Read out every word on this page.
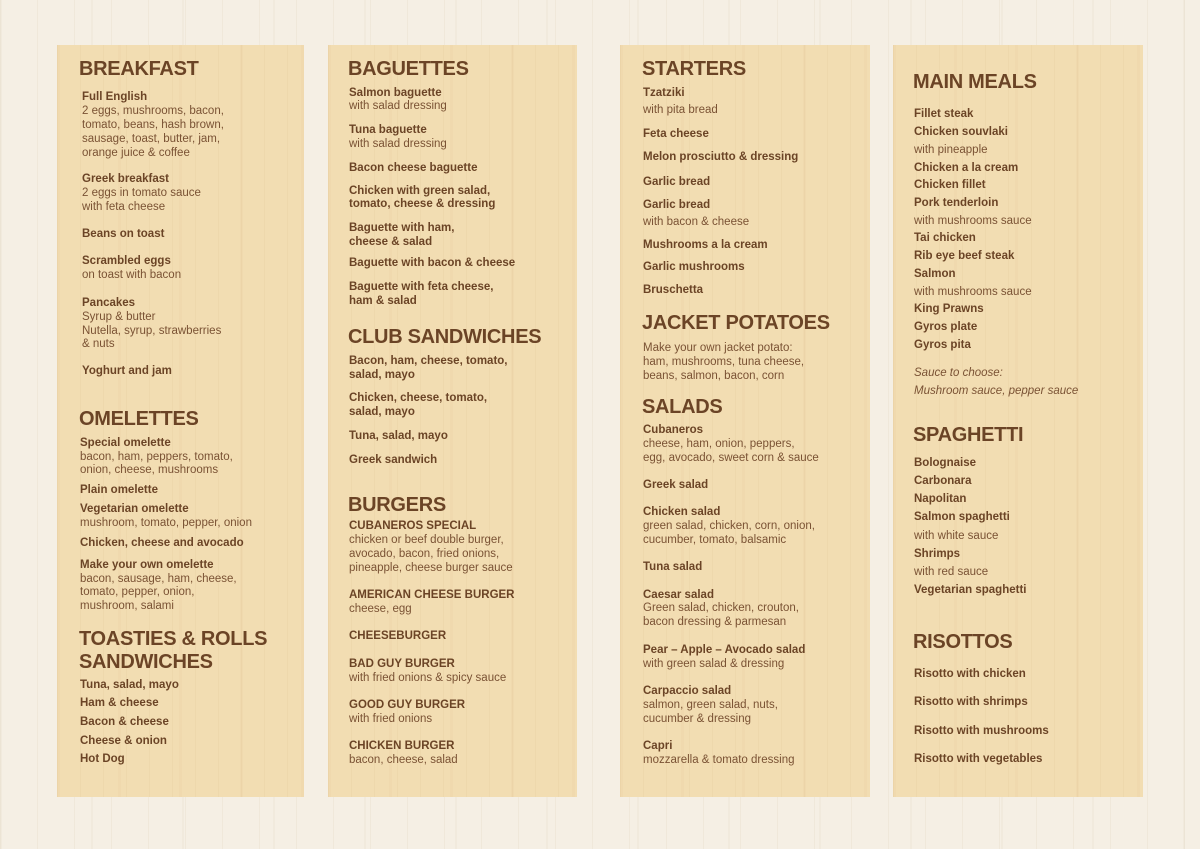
BREAKFAST
Full English
2 eggs, mushrooms, bacon,
tomato, beans, hash brown,
sausage, toast, butter, jam,
orange juice & coffee
Greek breakfast
2 eggs in tomato sauce
with feta cheese
Beans on toast
Scrambled eggs
on toast with bacon
Pancakes
Syrup & butter
Nutella, syrup, strawberries
& nuts
Yoghurt and jam
OMELETTES
Special omelette
bacon, ham, peppers, tomato,
onion, cheese, mushrooms
Plain omelette
Vegetarian omelette
mushroom, tomato, pepper, onion
Chicken, cheese and avocado
Make your own omelette
bacon, sausage, ham, cheese,
tomato, pepper, onion,
mushroom, salami
TOASTIES & ROLLS
SANDWICHES
Tuna, salad, mayo
Ham & cheese
Bacon & cheese
Cheese & onion
Hot Dog
BAGUETTES
Salmon baguette
with salad dressing
Tuna baguette
with salad dressing
Bacon cheese baguette
Chicken with green salad,
tomato, cheese & dressing
Baguette with ham,
cheese & salad
Baguette with bacon & cheese
Baguette with feta cheese,
ham & salad
CLUB SANDWICHES
Bacon, ham, cheese, tomato,
salad, mayo
Chicken, cheese, tomato,
salad, mayo
Tuna, salad, mayo
Greek sandwich
BURGERS
CUBANEROS SPECIAL
chicken or beef double burger,
avocado, bacon, fried onions,
pineapple, cheese burger sauce
AMERICAN CHEESE BURGER
cheese, egg
CHEESEBURGER
BAD GUY BURGER
with fried onions & spicy sauce
GOOD GUY BURGER
with fried onions
CHICKEN BURGER
bacon, cheese, salad
STARTERS
Tzatziki
with pita bread
Feta cheese
Melon prosciutto & dressing
Garlic bread
Garlic bread
with bacon & cheese
Mushrooms a la cream
Garlic mushrooms
Bruschetta
JACKET POTATOES
Make your own jacket potato:
ham, mushrooms, tuna cheese,
beans, salmon, bacon, corn
SALADS
Cubaneros
cheese, ham, onion, peppers,
egg, avocado, sweet corn & sauce
Greek salad
Chicken salad
green salad, chicken, corn, onion,
cucumber, tomato, balsamic
Tuna salad
Caesar salad
Green salad, chicken, crouton,
bacon dressing & parmesan
Pear – Apple – Avocado salad
with green salad & dressing
Carpaccio salad
salmon, green salad, nuts,
cucumber & dressing
Capri
mozzarella & tomato dressing
MAIN MEALS
Fillet steak
Chicken souvlaki
with pineapple
Chicken a la cream
Chicken fillet
Pork tenderloin
with mushrooms sauce
Tai chicken
Rib eye beef steak
Salmon
with mushrooms sauce
King Prawns
Gyros plate
Gyros pita
Sauce to choose:
Mushroom sauce, pepper sauce
SPAGHETTI
Bolognaise
Carbonara
Napolitan
Salmon spaghetti
with white sauce
Shrimps
with red sauce
Vegetarian spaghetti
RISOTTOS
Risotto with chicken
Risotto with shrimps
Risotto with mushrooms
Risotto with vegetables
